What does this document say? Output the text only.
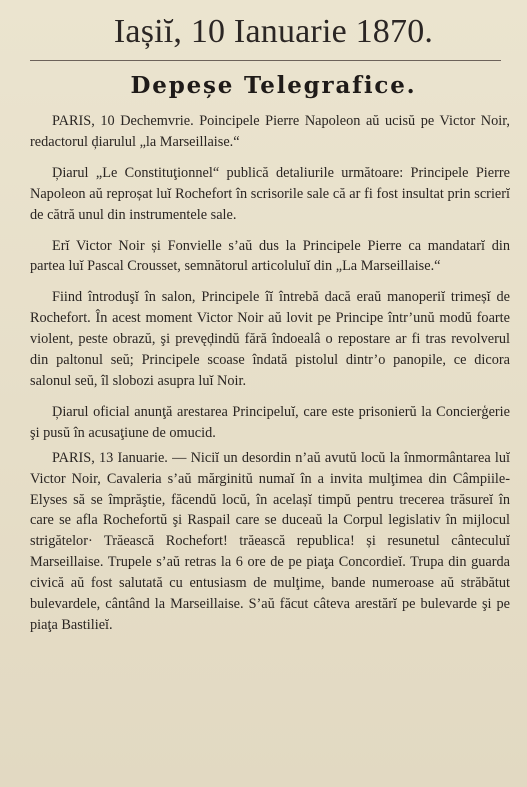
Iașiĭ, 10 Ianuarie 1870.
Depeșe Telegrafice.

PARIS, 10 Dechemvrie. Poincipele Pierre Napoleon aŭ ucisŭ pe Victor Noir, redactorul ḑiarulul „la Marseillaise.“

Ḑiarul „Le Constituţionnel“ publică detaliurile următoare: Principele Pierre Napoleon aŭ reproșat luĭ Rochefort în scrisorile sale că ar fi fost insultat prin scrierĭ de cătră unul din instrumentele sale.

Erĭ Victor Noir și Fonvielle s’aŭ dus la Principele Pierre ca mandatarĭ din partea luĭ Pascal Crousset, semnătorul articolulu⁠ĭ din „La Marseillaise.“

Fiind întroduşĭ în salon, Principele îĭ întrebă dacă eraŭ manoperiĭ trimeșĭ de Rochefort. În acest moment Victor Noir aŭ lovit pe Principe într’unŭ modŭ foarte violent, peste obrazŭ, şi prevęḑindŭ fără îndoealâ o repostare ar fi tras revolverul din paltonul seŭ; Principele scoase îndată pistolul dintr’o panopile, ce dicora salonul seŭ, îl slobozi asupra luĭ Noir.

Ḑiarul oficial anunţă arestarea Principeluĭ, care este prisonierŭ la Concierģerie şi pusŭ în acusaţiune de omucid.

PARIS, 13 Ianuarie. — Niciĭ un desordin n’aŭ avutŭ locŭ la înmormântarea luĭ Victor Noir, Cavaleria s’aŭ mărginitŭ numaĭ în a invita mulţimea din Câmpiile-Elyses să se împrăştie, făcendŭ locŭ, în acelașĭ timpŭ pentru trecerea trăsureĭ în care se afla Rochefortŭ şi Raspail care se duceaŭ la Corpul legislativ în mijlocul strigătelor· Trăească Rochefort! trăească republica! și resunetul cânteculuĭ Marseillaise. Trupele s’aŭ retras la 6 ore de pe piaţa Concordieĭ. Trupa din guarda civică aŭ fost salutată cu entusiasm de mulţime, bande numeroase aŭ străbătut bulevardele, cântând la Marseillaise. S’aŭ făcut câteva arestărĭ pe bulevarde şi pe piaţa Bastilieĭ.
